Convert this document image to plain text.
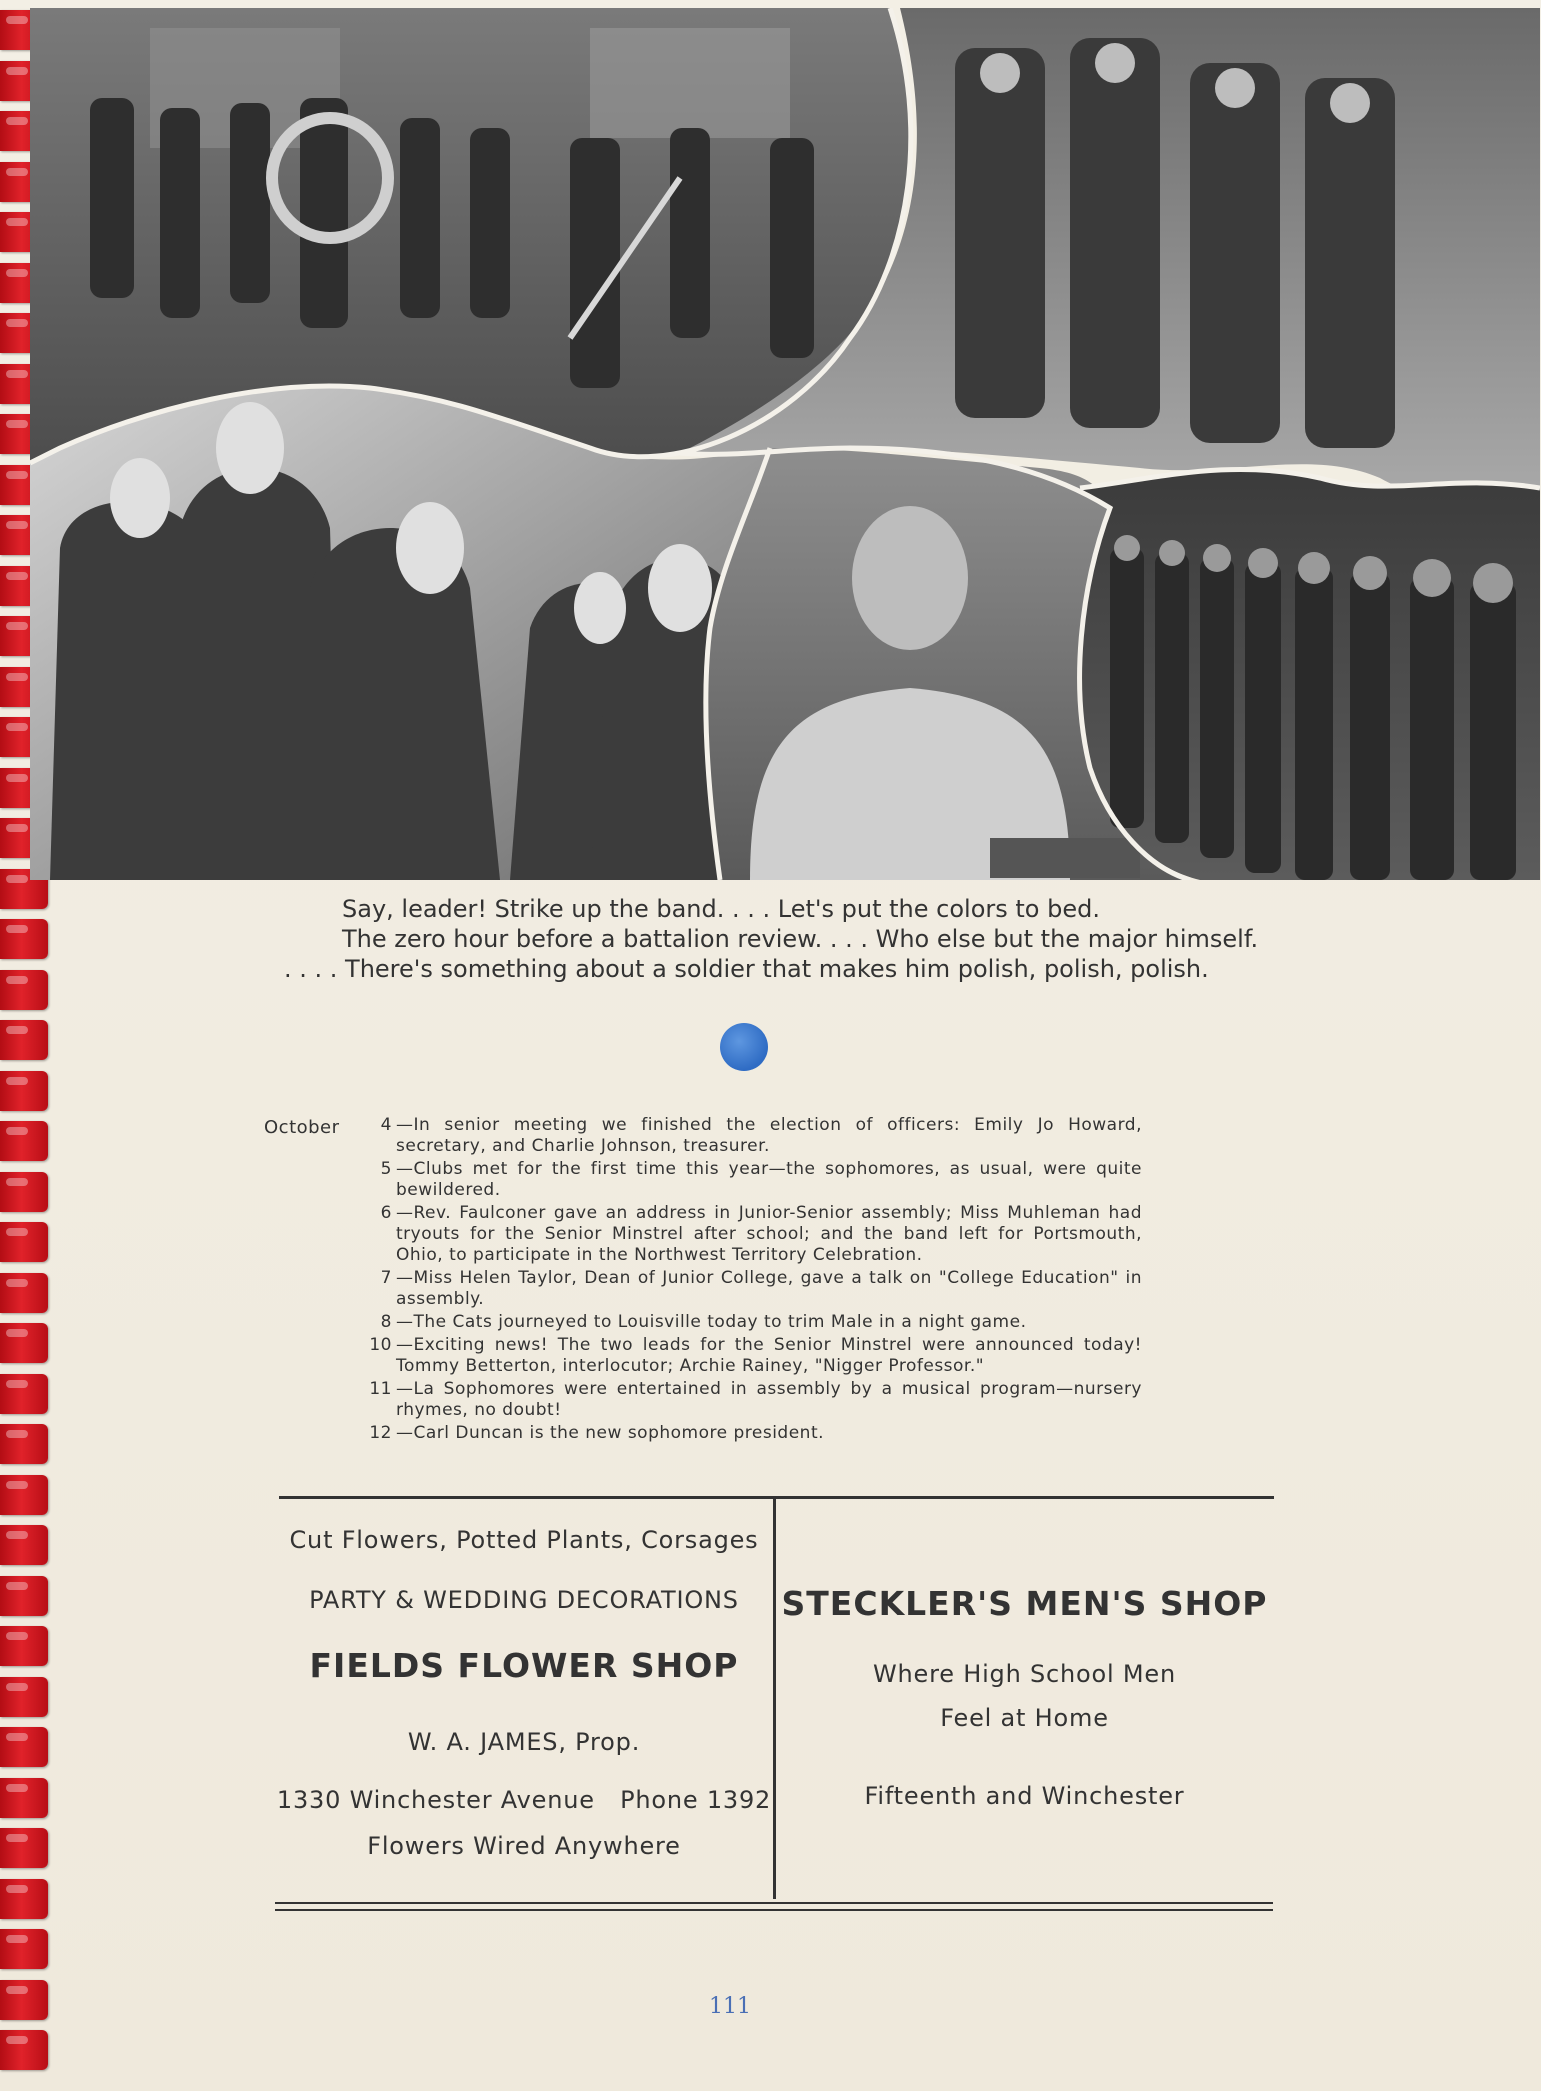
Say, leader! Strike up the band. . . . Let's put the colors to bed.
The zero hour before a battalion review. . . . Who else but the major himself.
. . . . There's something about a soldier that makes him polish, polish, polish.
October	4 —In senior meeting we finished the election of officers: Emily Jo Howard, secretary, and Charlie Johnson, treasurer.
5 —Clubs met for the first time this year—the sophomores, as usual, were quite bewildered.
6 —Rev. Faulconer gave an address in Junior-Senior assembly; Miss Muhleman had tryouts for the Senior Minstrel after school; and the band left for Portsmouth, Ohio, to participate in the Northwest Territory Celebration.
7 —Miss Helen Taylor, Dean of Junior College, gave a talk on "College Education" in assembly.
8 —The Cats journeyed to Louisville today to trim Male in a night game.
10 —Exciting news! The two leads for the Senior Minstrel were announced today! Tommy Betterton, interlocutor; Archie Rainey, "Nigger Professor."
11 —La Sophomores were entertained in assembly by a musical program—nursery rhymes, no doubt!
12 —Carl Duncan is the new sophomore president.

Cut Flowers, Potted Plants, Corsages

PARTY & WEDDING DECORATIONS

FIELDS FLOWER SHOP

W. A. JAMES, Prop.

1330 Winchester Avenue   Phone 1392

Flowers Wired Anywhere

STECKLER'S MEN'S SHOP

Where High School Men

Feel at Home

Fifteenth and Winchester

111
